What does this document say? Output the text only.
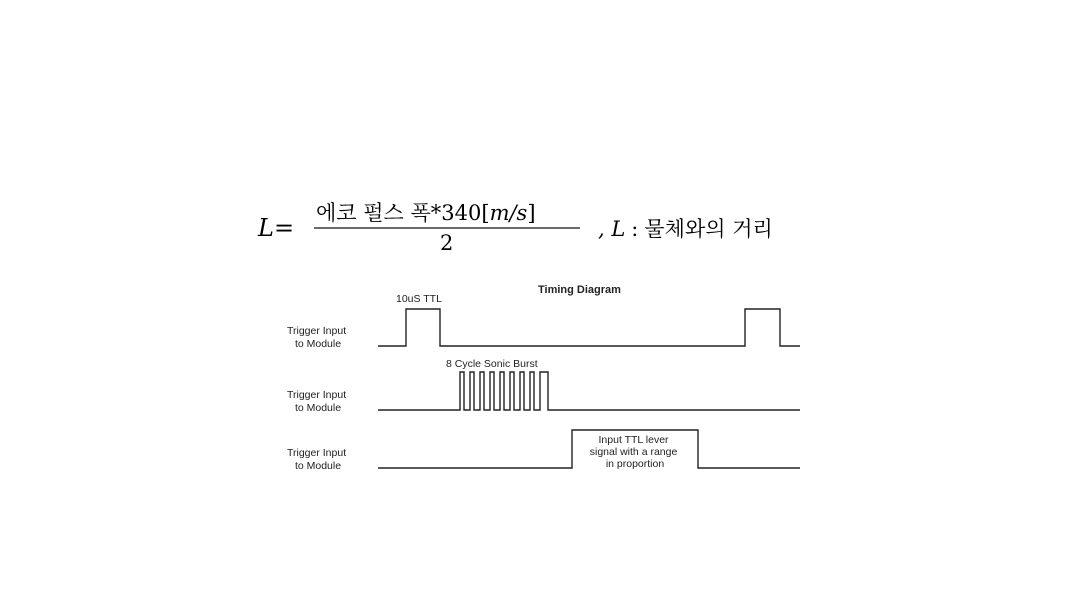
L=
에코 펄스 폭*340[m/s]
2
, L : 물체와의 거리
Timing Diagram
Trigger Input to Module
10uS TTL
Trigger Input to Module
8 Cycle Sonic Burst
Trigger Input to Module
Input TTL lever signal with a range in proportion
